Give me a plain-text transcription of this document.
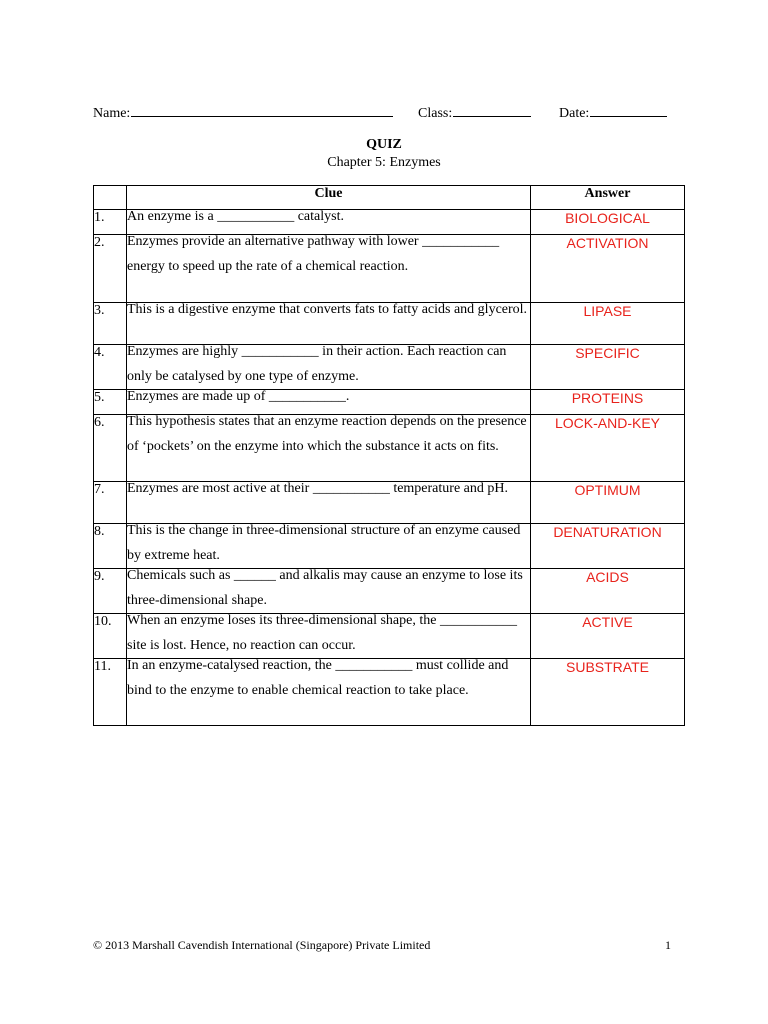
Name:	Class:	Date:
QUIZ
Chapter 5: Enzymes
	Clue	Answer
1.	An enzyme is a ___________ catalyst.	BIOLOGICAL
2.	Enzymes provide an alternative pathway with lower ___________ energy to speed up the rate of a chemical reaction.	ACTIVATION
3.	This is a digestive enzyme that converts fats to fatty acids and glycerol.	LIPASE
4.	Enzymes are highly ___________ in their action. Each reaction can only be catalysed by one type of enzyme.	SPECIFIC
5.	Enzymes are made up of ___________.	PROTEINS
6.	This hypothesis states that an enzyme reaction depends on the presence of ‘pockets’ on the enzyme into which the substance it acts on fits.	LOCK-AND-KEY
7.	Enzymes are most active at their ___________ temperature and pH.	OPTIMUM
8.	This is the change in three-dimensional structure of an enzyme caused by extreme heat.	DENATURATION
9.	Chemicals such as ______ and alkalis may cause an enzyme to lose its three-dimensional shape.	ACIDS
10.	When an enzyme loses its three-dimensional shape, the ___________ site is lost. Hence, no reaction can occur.	ACTIVE
11.	In an enzyme-catalysed reaction, the ___________ must collide and bind to the enzyme to enable chemical reaction to take place.	SUBSTRATE
© 2013 Marshall Cavendish International (Singapore) Private Limited	1
